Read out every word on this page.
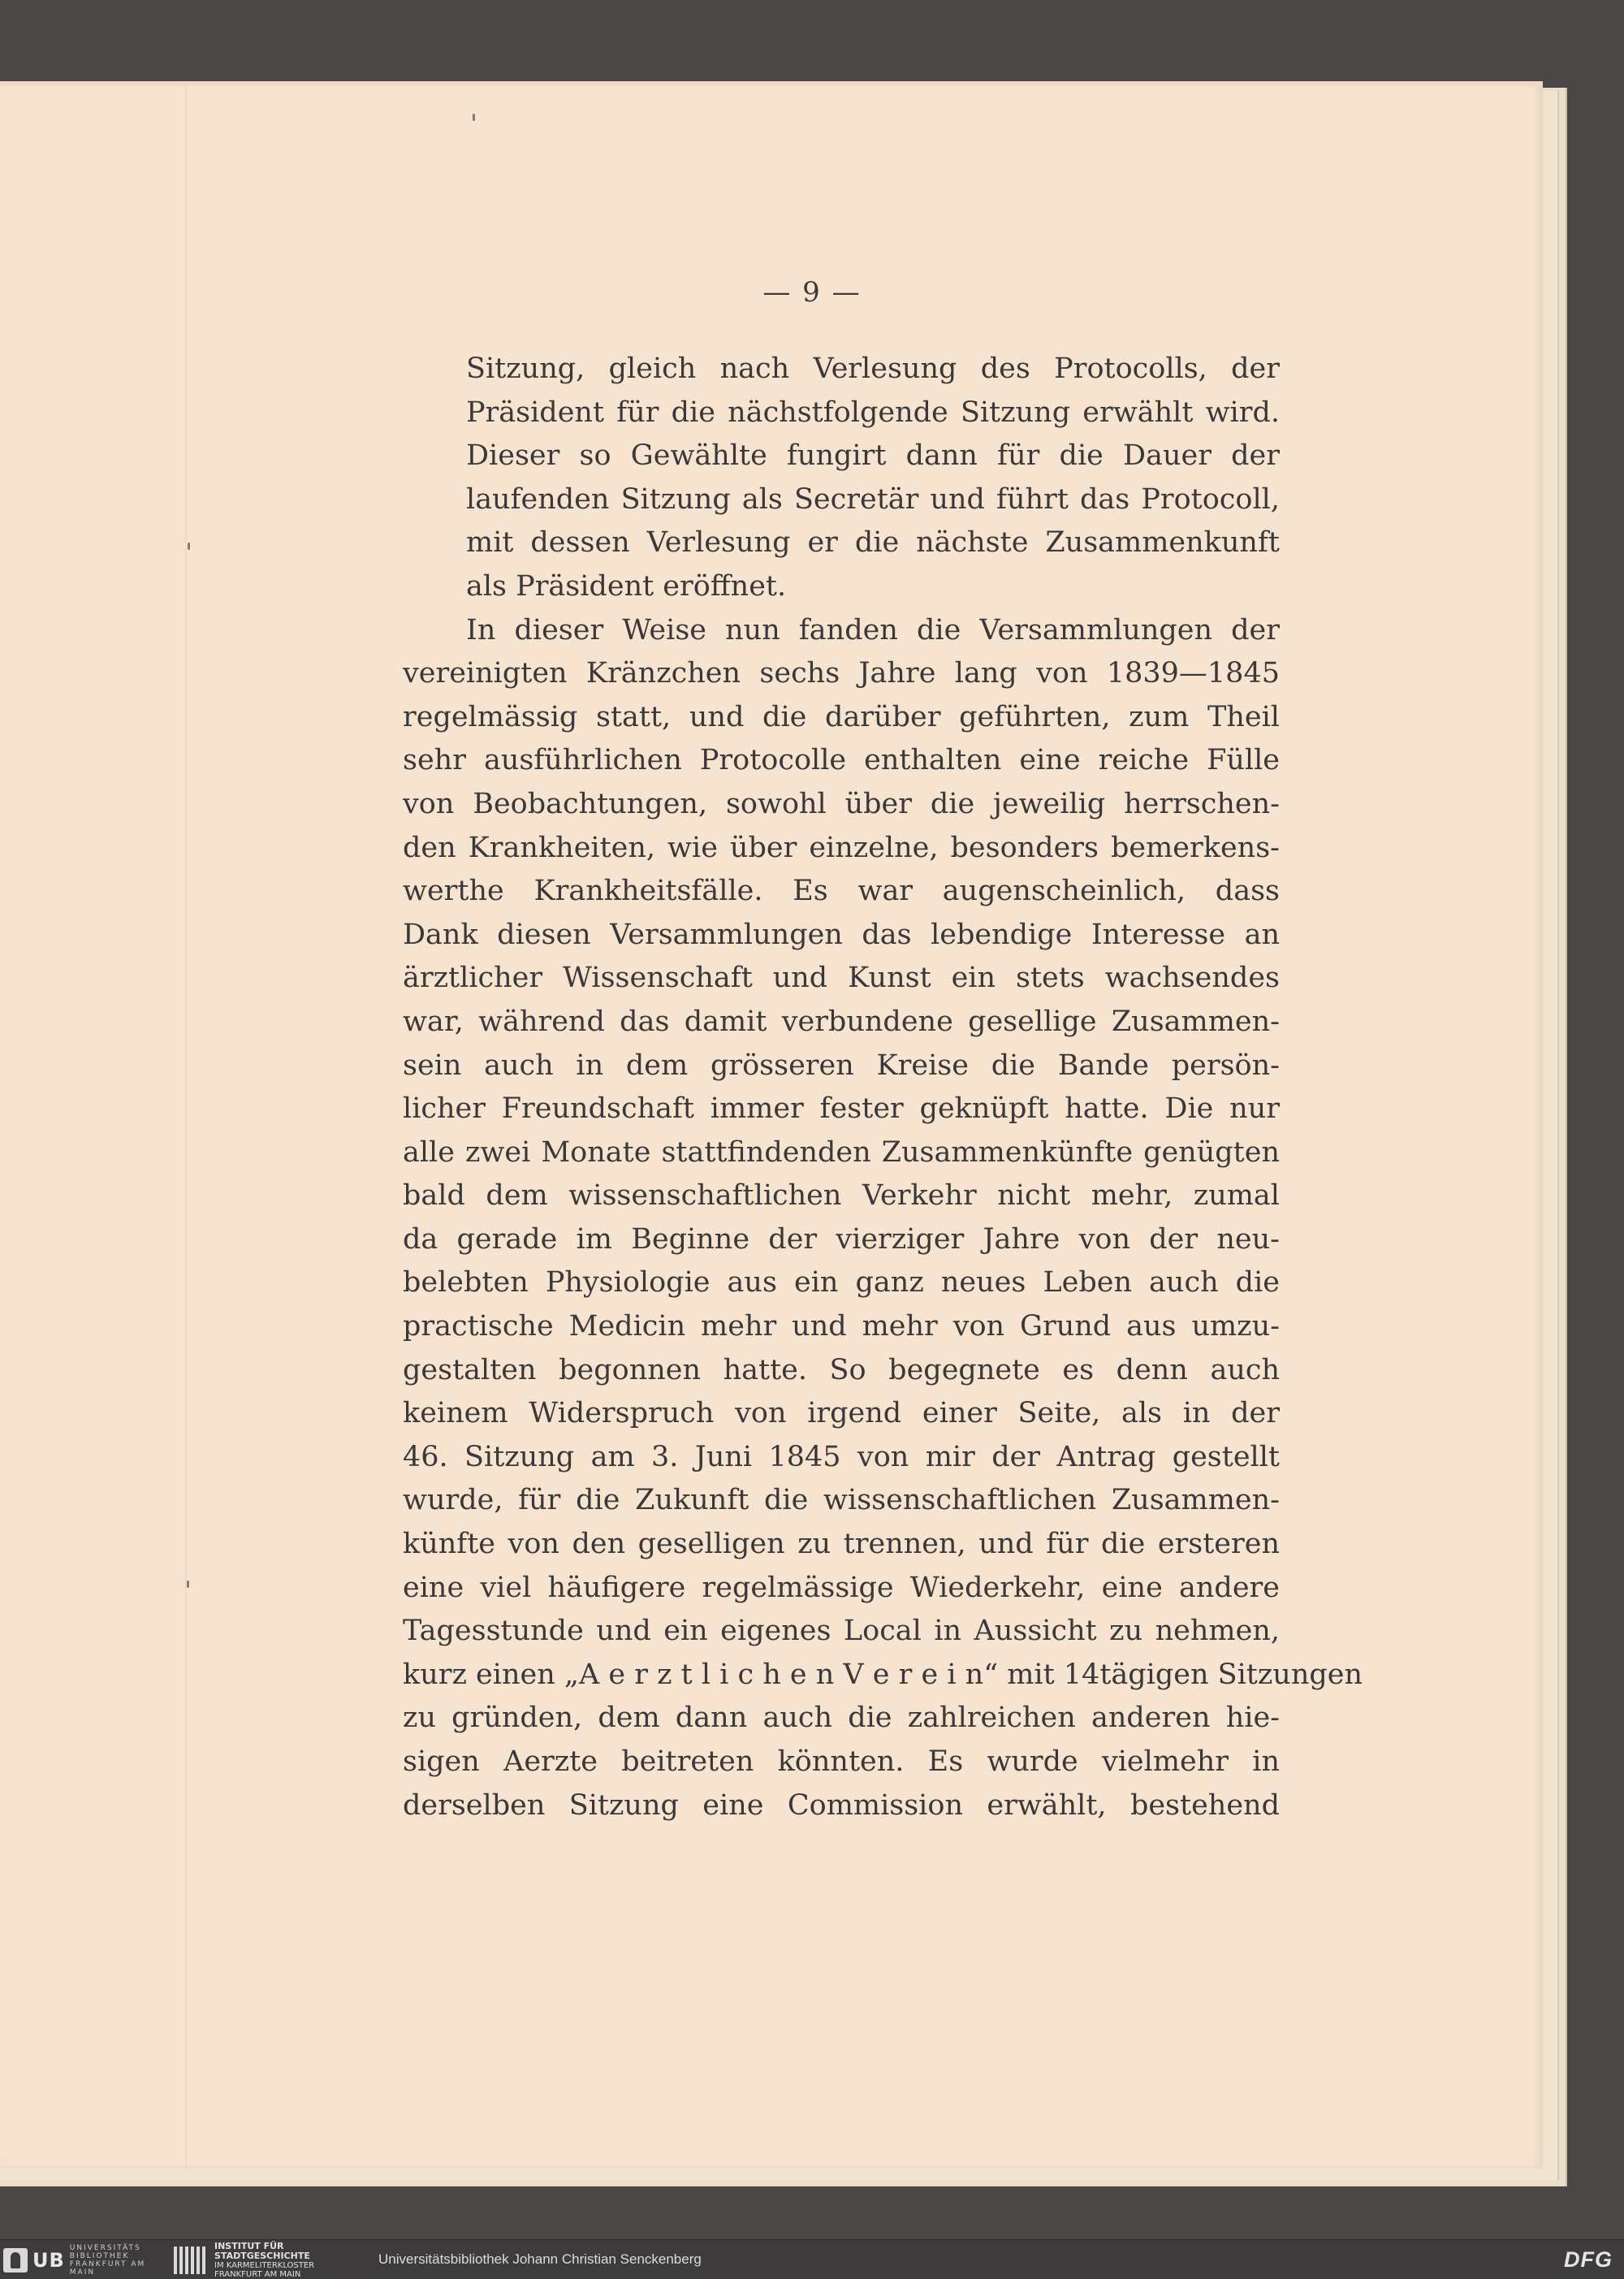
— 9 —
Sitzung, gleich nach Verlesung des Protocolls, der
Präsident für die nächstfolgende Sitzung erwählt wird.
Dieser so Gewählte fungirt dann für die Dauer der
laufenden Sitzung als Secretär und führt das Protocoll,
mit dessen Verlesung er die nächste Zusammenkunft
als Präsident eröffnet.
In dieser Weise nun fanden die Versammlungen der
vereinigten Kränzchen sechs Jahre lang von 1839—1845
regelmässig statt, und die darüber geführten, zum Theil
sehr ausführlichen Protocolle enthalten eine reiche Fülle
von Beobachtungen, sowohl über die jeweilig herrschen-
den Krankheiten, wie über einzelne, besonders bemerkens-
werthe Krankheitsfälle. Es war augenscheinlich, dass
Dank diesen Versammlungen das lebendige Interesse an
ärztlicher Wissenschaft und Kunst ein stets wachsendes
war, während das damit verbundene gesellige Zusammen-
sein auch in dem grösseren Kreise die Bande persön-
licher Freundschaft immer fester geknüpft hatte. Die nur
alle zwei Monate stattfindenden Zusammenkünfte genügten
bald dem wissenschaftlichen Verkehr nicht mehr, zumal
da gerade im Beginne der vierziger Jahre von der neu-
belebten Physiologie aus ein ganz neues Leben auch die
practische Medicin mehr und mehr von Grund aus umzu-
gestalten begonnen hatte. So begegnete es denn auch
keinem Widerspruch von irgend einer Seite, als in der
46. Sitzung am 3. Juni 1845 von mir der Antrag gestellt
wurde, für die Zukunft die wissenschaftlichen Zusammen-
künfte von den geselligen zu trennen, und für die ersteren
eine viel häufigere regelmässige Wiederkehr, eine andere
Tagesstunde und ein eigenes Local in Aussicht zu nehmen,
kurz einen „A e r z t l i c h e n V e r e i n“ mit 14tägigen Sitzungen
zu gründen, dem dann auch die zahlreichen anderen hie-
sigen Aerzte beitreten könnten. Es wurde vielmehr in
derselben Sitzung eine Commission erwählt, bestehend
UB
UNIVERSITÄTS BIBLIOTHEK FRANKFURT AM MAIN
INSTITUT FÜR STADTGESCHICHTE
IM KARMELITERKLOSTER FRANKFURT AM MAIN
Universitätsbibliothek Johann Christian Senckenberg	DFG
